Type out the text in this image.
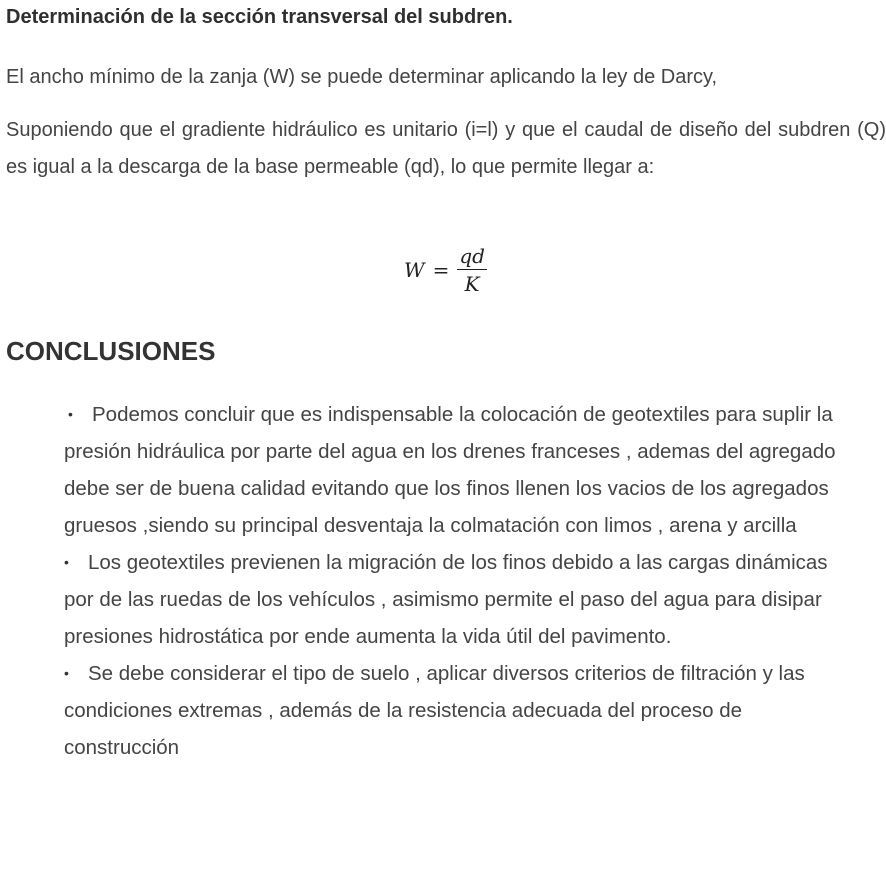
Determinación de la sección transversal del subdren.

El ancho mínimo de la zanja (W) se puede determinar aplicando la ley de Darcy,

Suponiendo que el gradiente hidráulico es unitario (i=l) y que el caudal de diseño del subdren (Q) es igual a la descarga de la base permeable (qd), lo que permite llegar a:

$W = \frac{qd}{K}$
CONCLUSIONES
• Podemos concluir que es indispensable la colocación de geotextiles para suplir la presión hidráulica por parte del agua en los drenes franceses , ademas del agregado debe ser de buena calidad evitando que los finos llenen los vacios de los agregados gruesos ,siendo su principal desventaja la colmatación con limos , arena y arcilla
• Los geotextiles previenen la migración de los finos debido a las cargas dinámicas por de las ruedas de los vehículos , asimismo permite el paso del agua para disipar presiones hidrostática por ende aumenta la vida útil del pavimento.
• Se debe considerar el tipo de suelo , aplicar diversos criterios de filtración y las condiciones extremas , además de la resistencia adecuada del proceso de construcción
